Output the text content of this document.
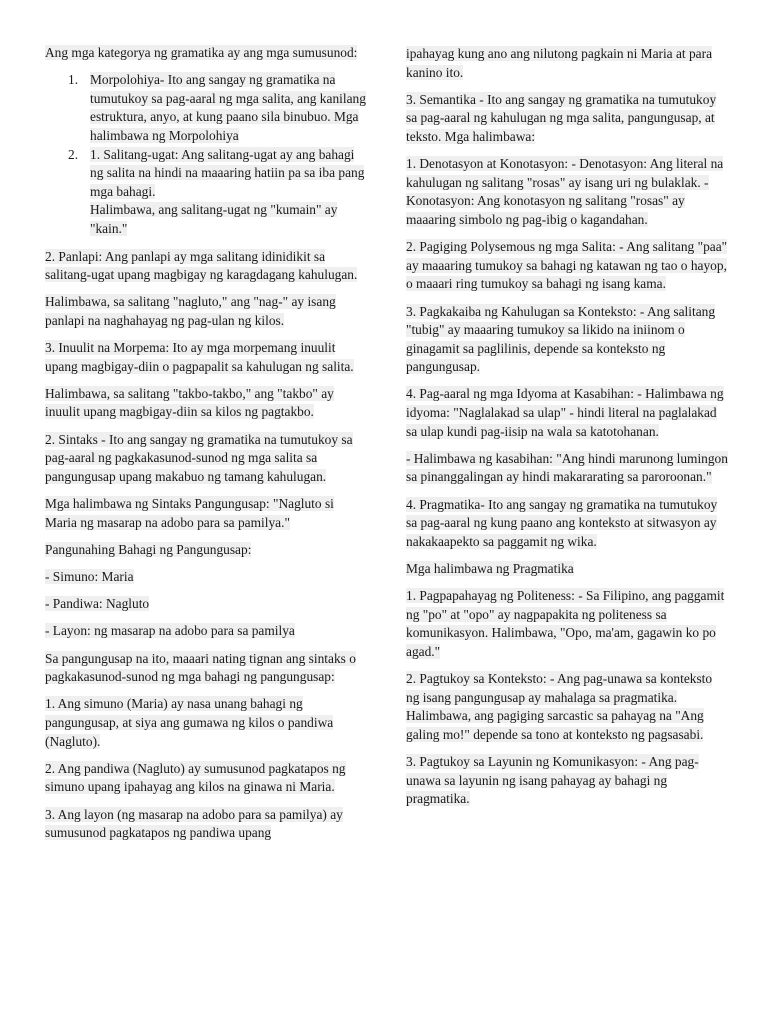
Ang mga kategorya ng gramatika ay ang mga sumusunod:

1. Morpolohiya- Ito ang sangay ng gramatika na tumutukoy sa pag-aaral ng mga salita, ang kanilang estruktura, anyo, at kung paano sila binubuo. Mga halimbawa ng Morpolohiya
2. 1. Salitang-ugat: Ang salitang-ugat ay ang bahagi ng salita na hindi na maaaring hatiin pa sa iba pang mga bahagi.
Halimbawa, ang salitang-ugat ng "kumain" ay "kain."

2. Panlapi: Ang panlapi ay mga salitang idinidikit sa salitang-ugat upang magbigay ng karagdagang kahulugan.

Halimbawa, sa salitang "nagluto," ang "nag-" ay isang panlapi na naghahayag ng pag-ulan ng kilos.

3. Inuulit na Morpema: Ito ay mga morpemang inuulit upang magbigay-diin o pagpapalit sa kahulugan ng salita.

Halimbawa, sa salitang "takbo-takbo," ang "takbo" ay inuulit upang magbigay-diin sa kilos ng pagtakbo.

2. Sintaks - Ito ang sangay ng gramatika na tumutukoy sa pag-aaral ng pagkakasunod-sunod ng mga salita sa pangungusap upang makabuo ng tamang kahulugan.

Mga halimbawa ng Sintaks Pangungusap: "Nagluto si Maria ng masarap na adobo para sa pamilya."

Pangunahing Bahagi ng Pangungusap:

- Simuno: Maria

- Pandiwa: Nagluto

- Layon: ng masarap na adobo para sa pamilya

Sa pangungusap na ito, maaari nating tignan ang sintaks o pagkakasunod-sunod ng mga bahagi ng pangungusap:

1. Ang simuno (Maria) ay nasa unang bahagi ng pangungusap, at siya ang gumawa ng kilos o pandiwa (Nagluto).

2. Ang pandiwa (Nagluto) ay sumusunod pagkatapos ng simuno upang ipahayag ang kilos na ginawa ni Maria.

3. Ang layon (ng masarap na adobo para sa pamilya) ay sumusunod pagkatapos ng pandiwa upang

ipahayag kung ano ang nilutong pagkain ni Maria at para kanino ito.

3. Semantika - Ito ang sangay ng gramatika na tumutukoy sa pag-aaral ng kahulugan ng mga salita, pangungusap, at teksto. Mga halimbawa:

1. Denotasyon at Konotasyon: - Denotasyon: Ang literal na kahulugan ng salitang "rosas" ay isang uri ng bulaklak. - Konotasyon: Ang konotasyon ng salitang "rosas" ay maaaring simbolo ng pag-ibig o kagandahan.

2. Pagiging Polysemous ng mga Salita: - Ang salitang "paa" ay maaaring tumukoy sa bahagi ng katawan ng tao o hayop, o maaari ring tumukoy sa bahagi ng isang kama.

3. Pagkakaiba ng Kahulugan sa Konteksto: - Ang salitang "tubig" ay maaaring tumukoy sa likido na iniinom o ginagamit sa paglilinis, depende sa konteksto ng pangungusap.

4. Pag-aaral ng mga Idyoma at Kasabihan: - Halimbawa ng idyoma: "Naglalakad sa ulap" - hindi literal na paglalakad sa ulap kundi pag-iisip na wala sa katotohanan.

- Halimbawa ng kasabihan: "Ang hindi marunong lumingon sa pinanggalingan ay hindi makararating sa paroroonan."

4. Pragmatika- Ito ang sangay ng gramatika na tumutukoy sa pag-aaral ng kung paano ang konteksto at sitwasyon ay nakakaapekto sa paggamit ng wika.

Mga halimbawa ng Pragmatika

1. Pagpapahayag ng Politeness: - Sa Filipino, ang paggamit ng "po" at "opo" ay nagpapakita ng politeness sa komunikasyon. Halimbawa, "Opo, ma'am, gagawin ko po agad."

2. Pagtukoy sa Konteksto: - Ang pag-unawa sa konteksto ng isang pangungusap ay mahalaga sa pragmatika. Halimbawa, ang pagiging sarcastic sa pahayag na "Ang galing mo!" depende sa tono at konteksto ng pagsasabi.

3. Pagtukoy sa Layunin ng Komunikasyon: - Ang pag-unawa sa layunin ng isang pahayag ay bahagi ng pragmatika.
